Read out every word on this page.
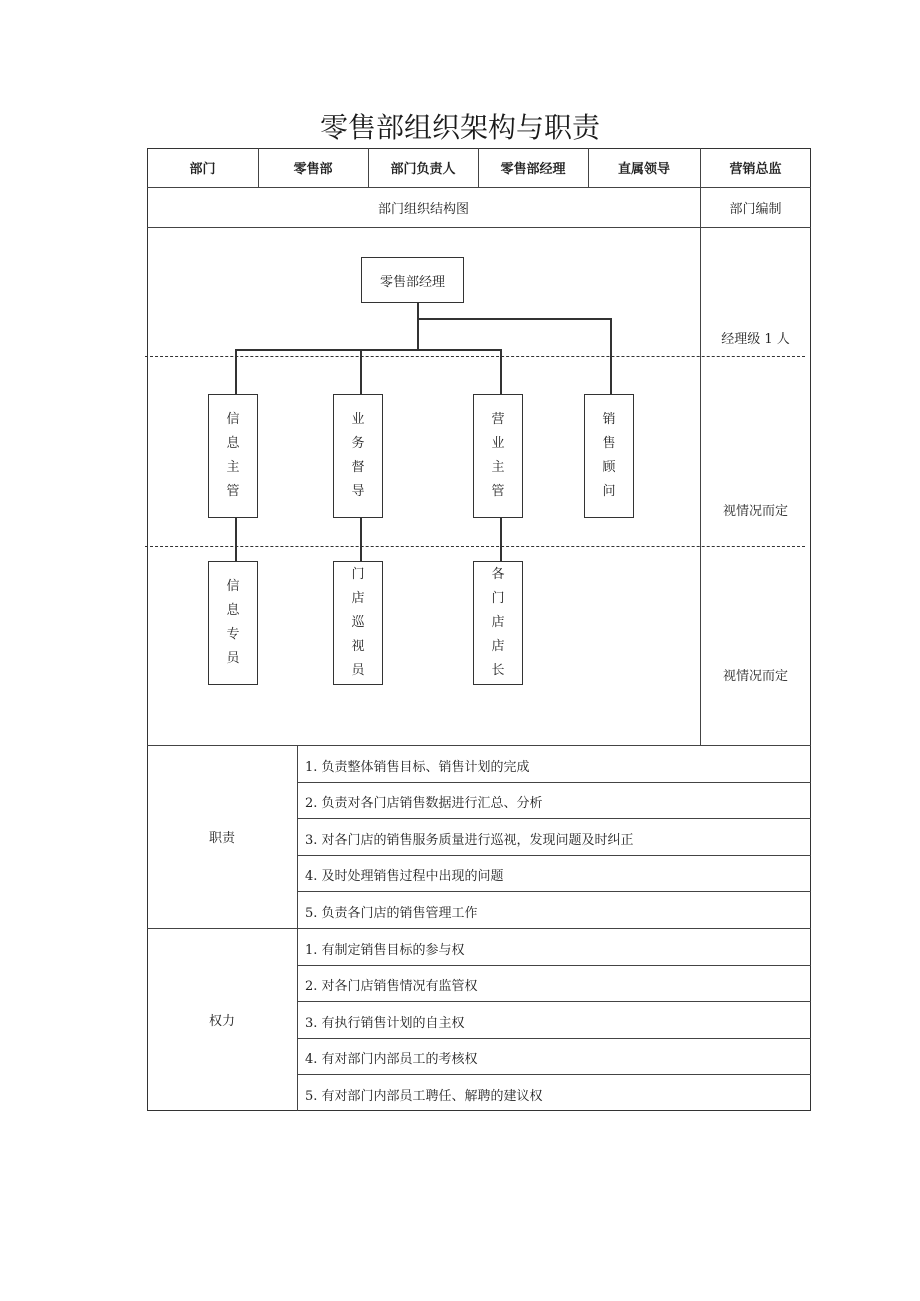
零售部组织架构与职责
部门	零售部	部门负责人	零售部经理	直属领导	营销总监
部门组织结构图	部门编制
经理级 1 人
视情况而定
视情况而定
零售部经理
信
息
主
管
业
务
督
导
营
业
主
管
销
售
顾
问
信
息
专
员
门
店
巡
视
员
各
门
店
店
长
职责
1. 负责整体销售目标、销售计划的完成
2. 负责对各门店销售数据进行汇总、分析
3. 对各门店的销售服务质量进行巡视，发现问题及时纠正
4. 及时处理销售过程中出现的问题
5. 负责各门店的销售管理工作
权力
1. 有制定销售目标的参与权
2. 对各门店销售情况有监管权
3. 有执行销售计划的自主权
4. 有对部门内部员工的考核权
5. 有对部门内部员工聘任、解聘的建议权
